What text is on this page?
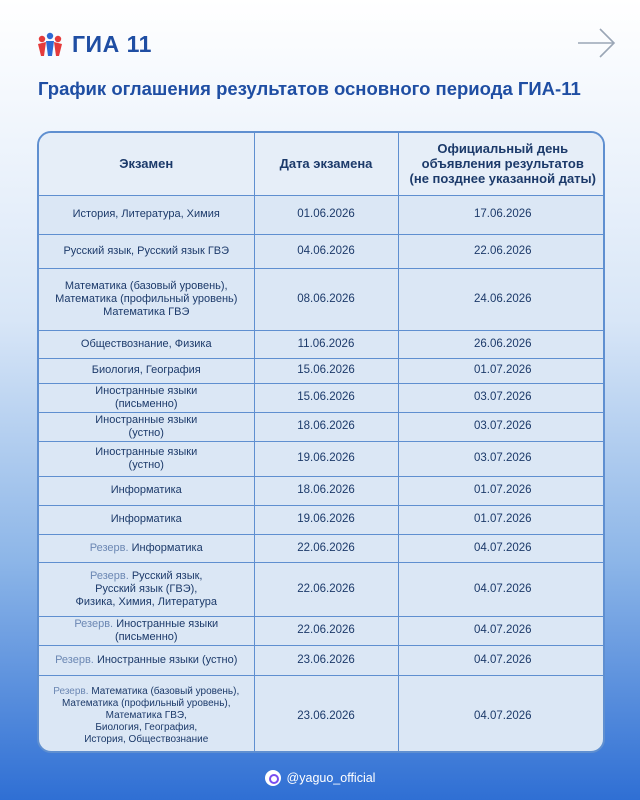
ГИА 11
График оглашения результатов основного периода ГИА-11
Экзамен	Дата экзамена	Официальный день
объявления результатов
(не позднее указанной даты)

История, Литература, Химия	01.06.2026	17.06.2026

Русский язык, Русский язык ГВЭ	04.06.2026	22.06.2026

Математика (базовый уровень),
Математика (профильный уровень)
Математика ГВЭ	08.06.2026	24.06.2026

Обществознание, Физика	11.06.2026	26.06.2026

Биология, География	15.06.2026	01.07.2026

Иностранные языки
(письменно)	15.06.2026	03.07.2026

Иностранные языки
(устно)	18.06.2026	03.07.2026

Иностранные языки
(устно)	19.06.2026	03.07.2026

Информатика	18.06.2026	01.07.2026

Информатика	19.06.2026	01.07.2026

Резерв. Информатика	22.06.2026	04.07.2026

Резерв. Русский язык,
Русский язык (ГВЭ),
Физика, Химия, Литература	22.06.2026	04.07.2026

Резерв. Иностранные языки (письменно)	22.06.2026	04.07.2026

Резерв. Иностранные языки (устно)	23.06.2026	04.07.2026

Резерв. Математика (базовый уровень),
Математика (профильный уровень),
Математика ГВЭ,
Биология, География,
История, Обществознание	23.06.2026	04.07.2026
@yaguo_official
